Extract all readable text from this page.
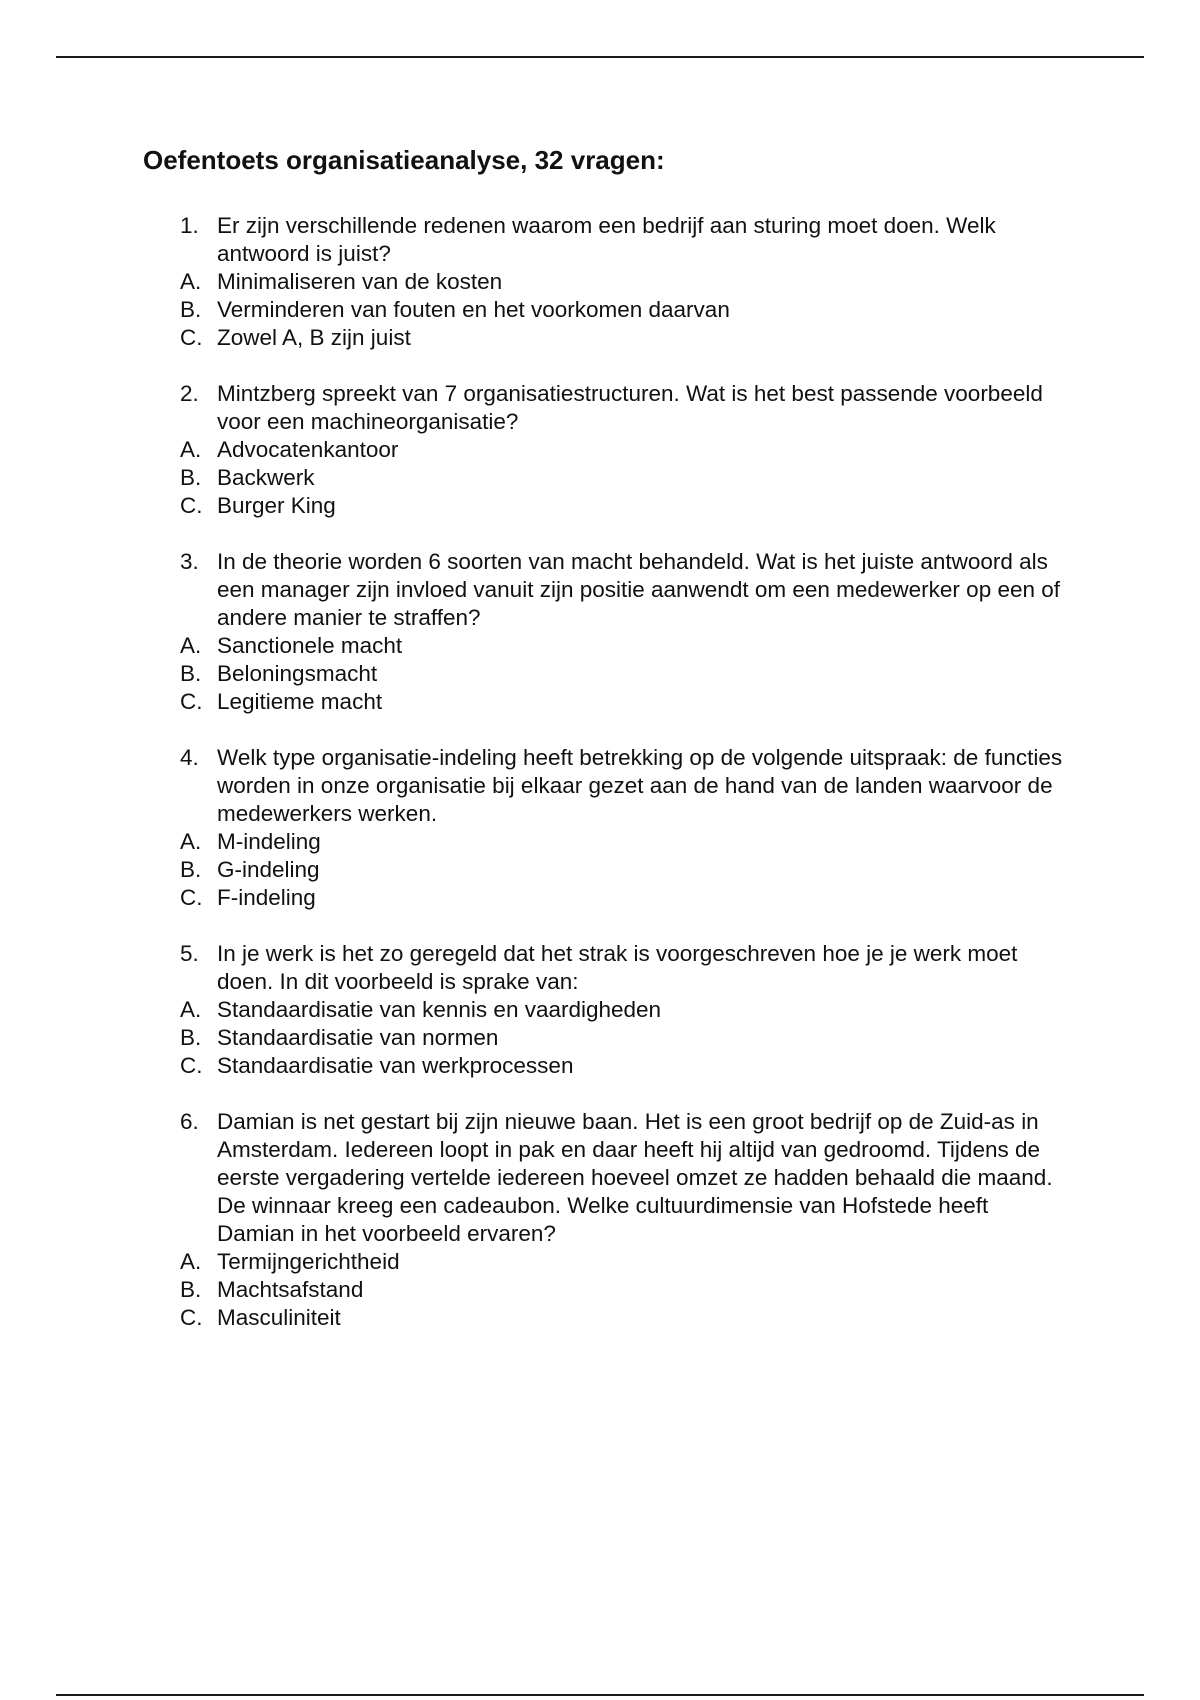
Oefentoets organisatieanalyse, 32 vragen:
1. Er zijn verschillende redenen waarom een bedrijf aan sturing moet doen. Welk antwoord is juist?
A. Minimaliseren van de kosten
B. Verminderen van fouten en het voorkomen daarvan
C. Zowel A, B zijn juist
2. Mintzberg spreekt van 7 organisatiestructuren. Wat is het best passende voorbeeld voor een machineorganisatie?
A. Advocatenkantoor
B. Backwerk
C. Burger King
3. In de theorie worden 6 soorten van macht behandeld. Wat is het juiste antwoord als een manager zijn invloed vanuit zijn positie aanwendt om een medewerker op een of andere manier te straffen?
A. Sanctionele macht
B. Beloningsmacht
C. Legitieme macht
4. Welk type organisatie-indeling heeft betrekking op de volgende uitspraak: de functies worden in onze organisatie bij elkaar gezet aan de hand van de landen waarvoor de medewerkers werken.
A. M-indeling
B. G-indeling
C. F-indeling
5. In je werk is het zo geregeld dat het strak is voorgeschreven hoe je je werk moet doen. In dit voorbeeld is sprake van:
A. Standaardisatie van kennis en vaardigheden
B. Standaardisatie van normen
C. Standaardisatie van werkprocessen
6. Damian is net gestart bij zijn nieuwe baan. Het is een groot bedrijf op de Zuid-as in Amsterdam. Iedereen loopt in pak en daar heeft hij altijd van gedroomd. Tijdens de eerste vergadering vertelde iedereen hoeveel omzet ze hadden behaald die maand. De winnaar kreeg een cadeaubon. Welke cultuurdimensie van Hofstede heeft Damian in het voorbeeld ervaren?
A. Termijngerichtheid
B. Machtsafstand
C. Masculiniteit
